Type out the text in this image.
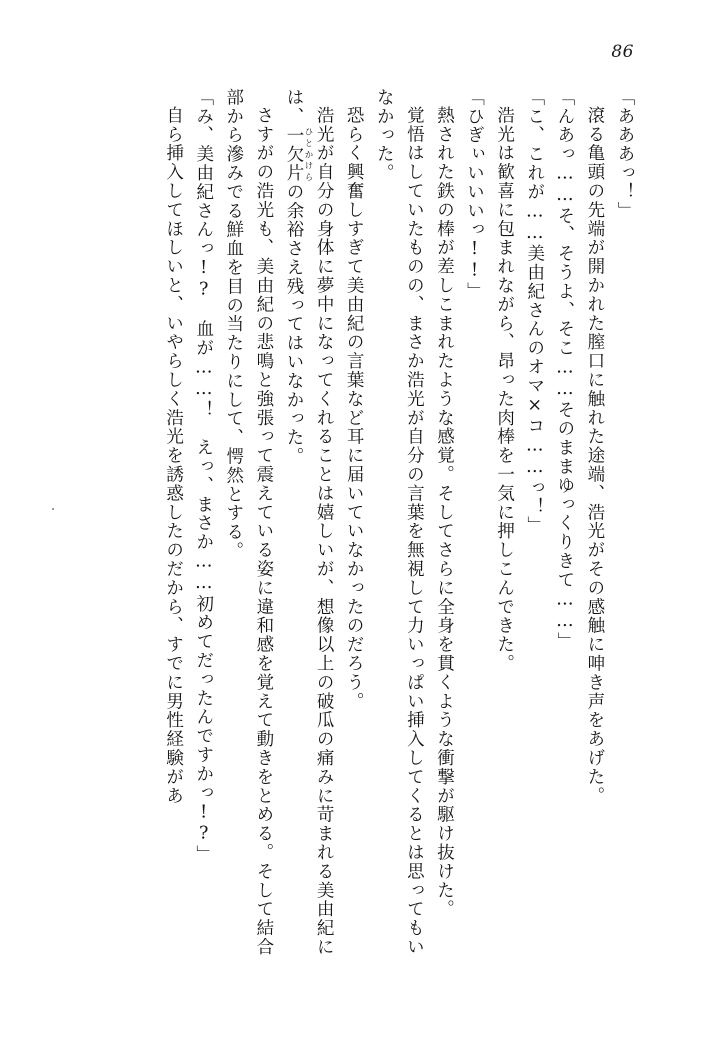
86
「あああっ！」
滾る亀頭の先端が開かれた膣口に触れた途端、浩光がその感触に呻き声をあげた。
「んあっ……そ、そうよ、そこ……そのままゆっくりきて……」
「こ、これが……美由紀さんのオマ×コ……っ！」
浩光は歓喜に包まれながら、昂った肉棒を一気に押しこんできた。
「ひぎぃいいいっ!!」
熱された鉄の棒が差しこまれたような感覚。そしてさらに全身を貫くような衝撃が駆け抜けた。
覚悟はしていたものの、まさか浩光が自分の言葉を無視して力いっぱい挿入してくるとは思ってもいなかった。
恐らく興奮しすぎて美由紀の言葉など耳に届いていなかったのだろう。
浩光が自分の身体に夢中になってくれることは嬉しいが、想像以上の破瓜の痛みに苛まれる美由紀には、一欠片 ひとかけらの余裕さえ残ってはいなかった。
さすがの浩光も、美由紀の悲鳴と強張って震えている姿に違和感を覚えて動きをとめる。そして結合部から滲みでる鮮血を目の当たりにして、愕然とする。
「み、美由紀さんっ!?　血が……！　えっ、まさか……初めてだったんですかっ!?」
自ら挿入してほしいと、いやらしく浩光を誘惑したのだから、すでに男性経験があ
